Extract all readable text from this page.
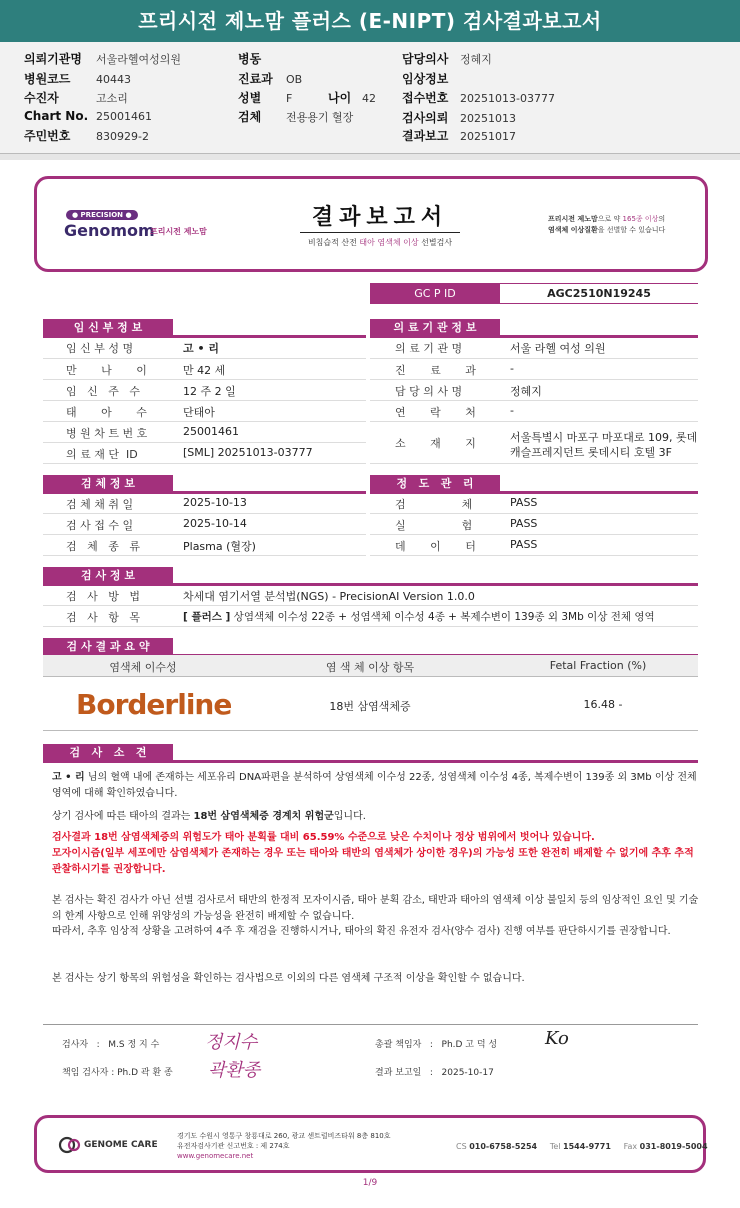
프리시전 제노맘 플러스 (E-NIPT) 검사결과보고서
의뢰기관명 서울라헬여성의원
병원코드 40443
수진자	고소리
Chart No. 25001461
주민번호 830929-2
병동
진료과 OB
성별 F
검체 전용용기 혈장
나이 42
담당의사 정혜지
임상정보
접수번호 20251013-03777
검사의뢰 20251013
결과보고 20251017
● PRECISION ●
Genomom
프리시전 제노맘
결과보고서
비침습적 산전 태아 염색체 이상 선별검사
프리시전 제노맘으로 약 165종 이상의
염색체 이상질환을 선별할 수 있습니다
GC P ID	AGC2510N19245
임 신 부 정 보
임 신 부 성 명	고 • 리
만       나       이	만 42 세
임   신   주   수	12 주 2 일
태       아       수	단태아
병 원 차 트 번 호	25001461
의 료 재 단  ID	[SML] 20251013-03777
의 료 기 관 정 보
의 료 기 관 명	서울 라헬 여성 의원
진       료       과	-
담 당 의 사 명	정혜지
연       락       처	-
소       재       지	서울특별시 마포구 마포대로 109, 롯데
캐슬프레지던트 롯데시티 호텔 3F
검 체 정 보
검 체 채 취 일	2025-10-13
검 사 접 수 일	2025-10-14
검   체   종   류	Plasma (혈장)
정   도   관   리
검                체	PASS
실                험	PASS
데       이       터	PASS
검 사 정 보
검   사   방   법	차세대 염기서열 분석법(NGS) - PrecisionAI Version 1.0.0
검   사   항   목	[ 플러스 ] 상염색체 이수성 22종 + 성염색체 이수성 4종 + 복제수변이 139종 외 3Mb 이상 전체 영역
검 사 결 과 요 약
염색체 이수성	염 색 체 이상 항목	Fetal Fraction (%)
Borderline	18번 삼염색체증	16.48 -
검   사   소   견
고 • 리 님의 혈액 내에 존재하는 세포유리 DNA파편을 분석하여 상염색체 이수성 22종, 성염색체 이수성 4종, 복제수변이 139종 외 3Mb 이상 전체 영역에 대해 확인하였습니다.
상기 검사에 따른 태아의 결과는 18번 삼염색체증 경계치 위험군입니다.
검사결과 18번 삼염색체증의 위험도가 태아 분획률 대비 65.59% 수준으로 낮은 수치이나 정상 범위에서 벗어나 있습니다.
모자이시즘(일부 세포에만 삼염색체가 존재하는 경우 또는 태아와 태반의 염색체가 상이한 경우)의 가능성 또한 완전히 배제할 수 없기에 추후 추적 관찰하시기를 권장합니다.
본 검사는 확진 검사가 아닌 선별 검사로서 태반의 한정적 모자이시즘, 태아 분획 감소, 태반과 태아의 염색체 이상 불일치 등의 임상적인 요인 및 기술의 한계 사항으로 인해 위양성의 가능성을 완전히 배제할 수 없습니다.
따라서, 추후 임상적 상황을 고려하여 4주 후 재검을 진행하시거나, 태아의 확진 유전자 검사(양수 검사) 진행 여부를 판단하시기를 권장합니다.
본 검사는 상기 항목의 위험성을 확인하는 검사법으로 이외의 다른 염색체 구조적 이상을 확인할 수 없습니다.
검사자   :   M.S 정 지 수	정지수
책임 검사자 : Ph.D 곽 환 종 곽환종
총괄 책임자   :   Ph.D 고 덕 성	Ko
결과 보고일   :   2025-10-17
GENOME CARE
경기도 수원시 영통구 창룡대로 260, 광교 센트럴비즈타워 8층 810호
유전자검사기관 신고번호 : 제 274호
www.genomecare.net
CS 010-6758-5254 Tel 1544-9771 Fax 031-8019-5004
1/9
